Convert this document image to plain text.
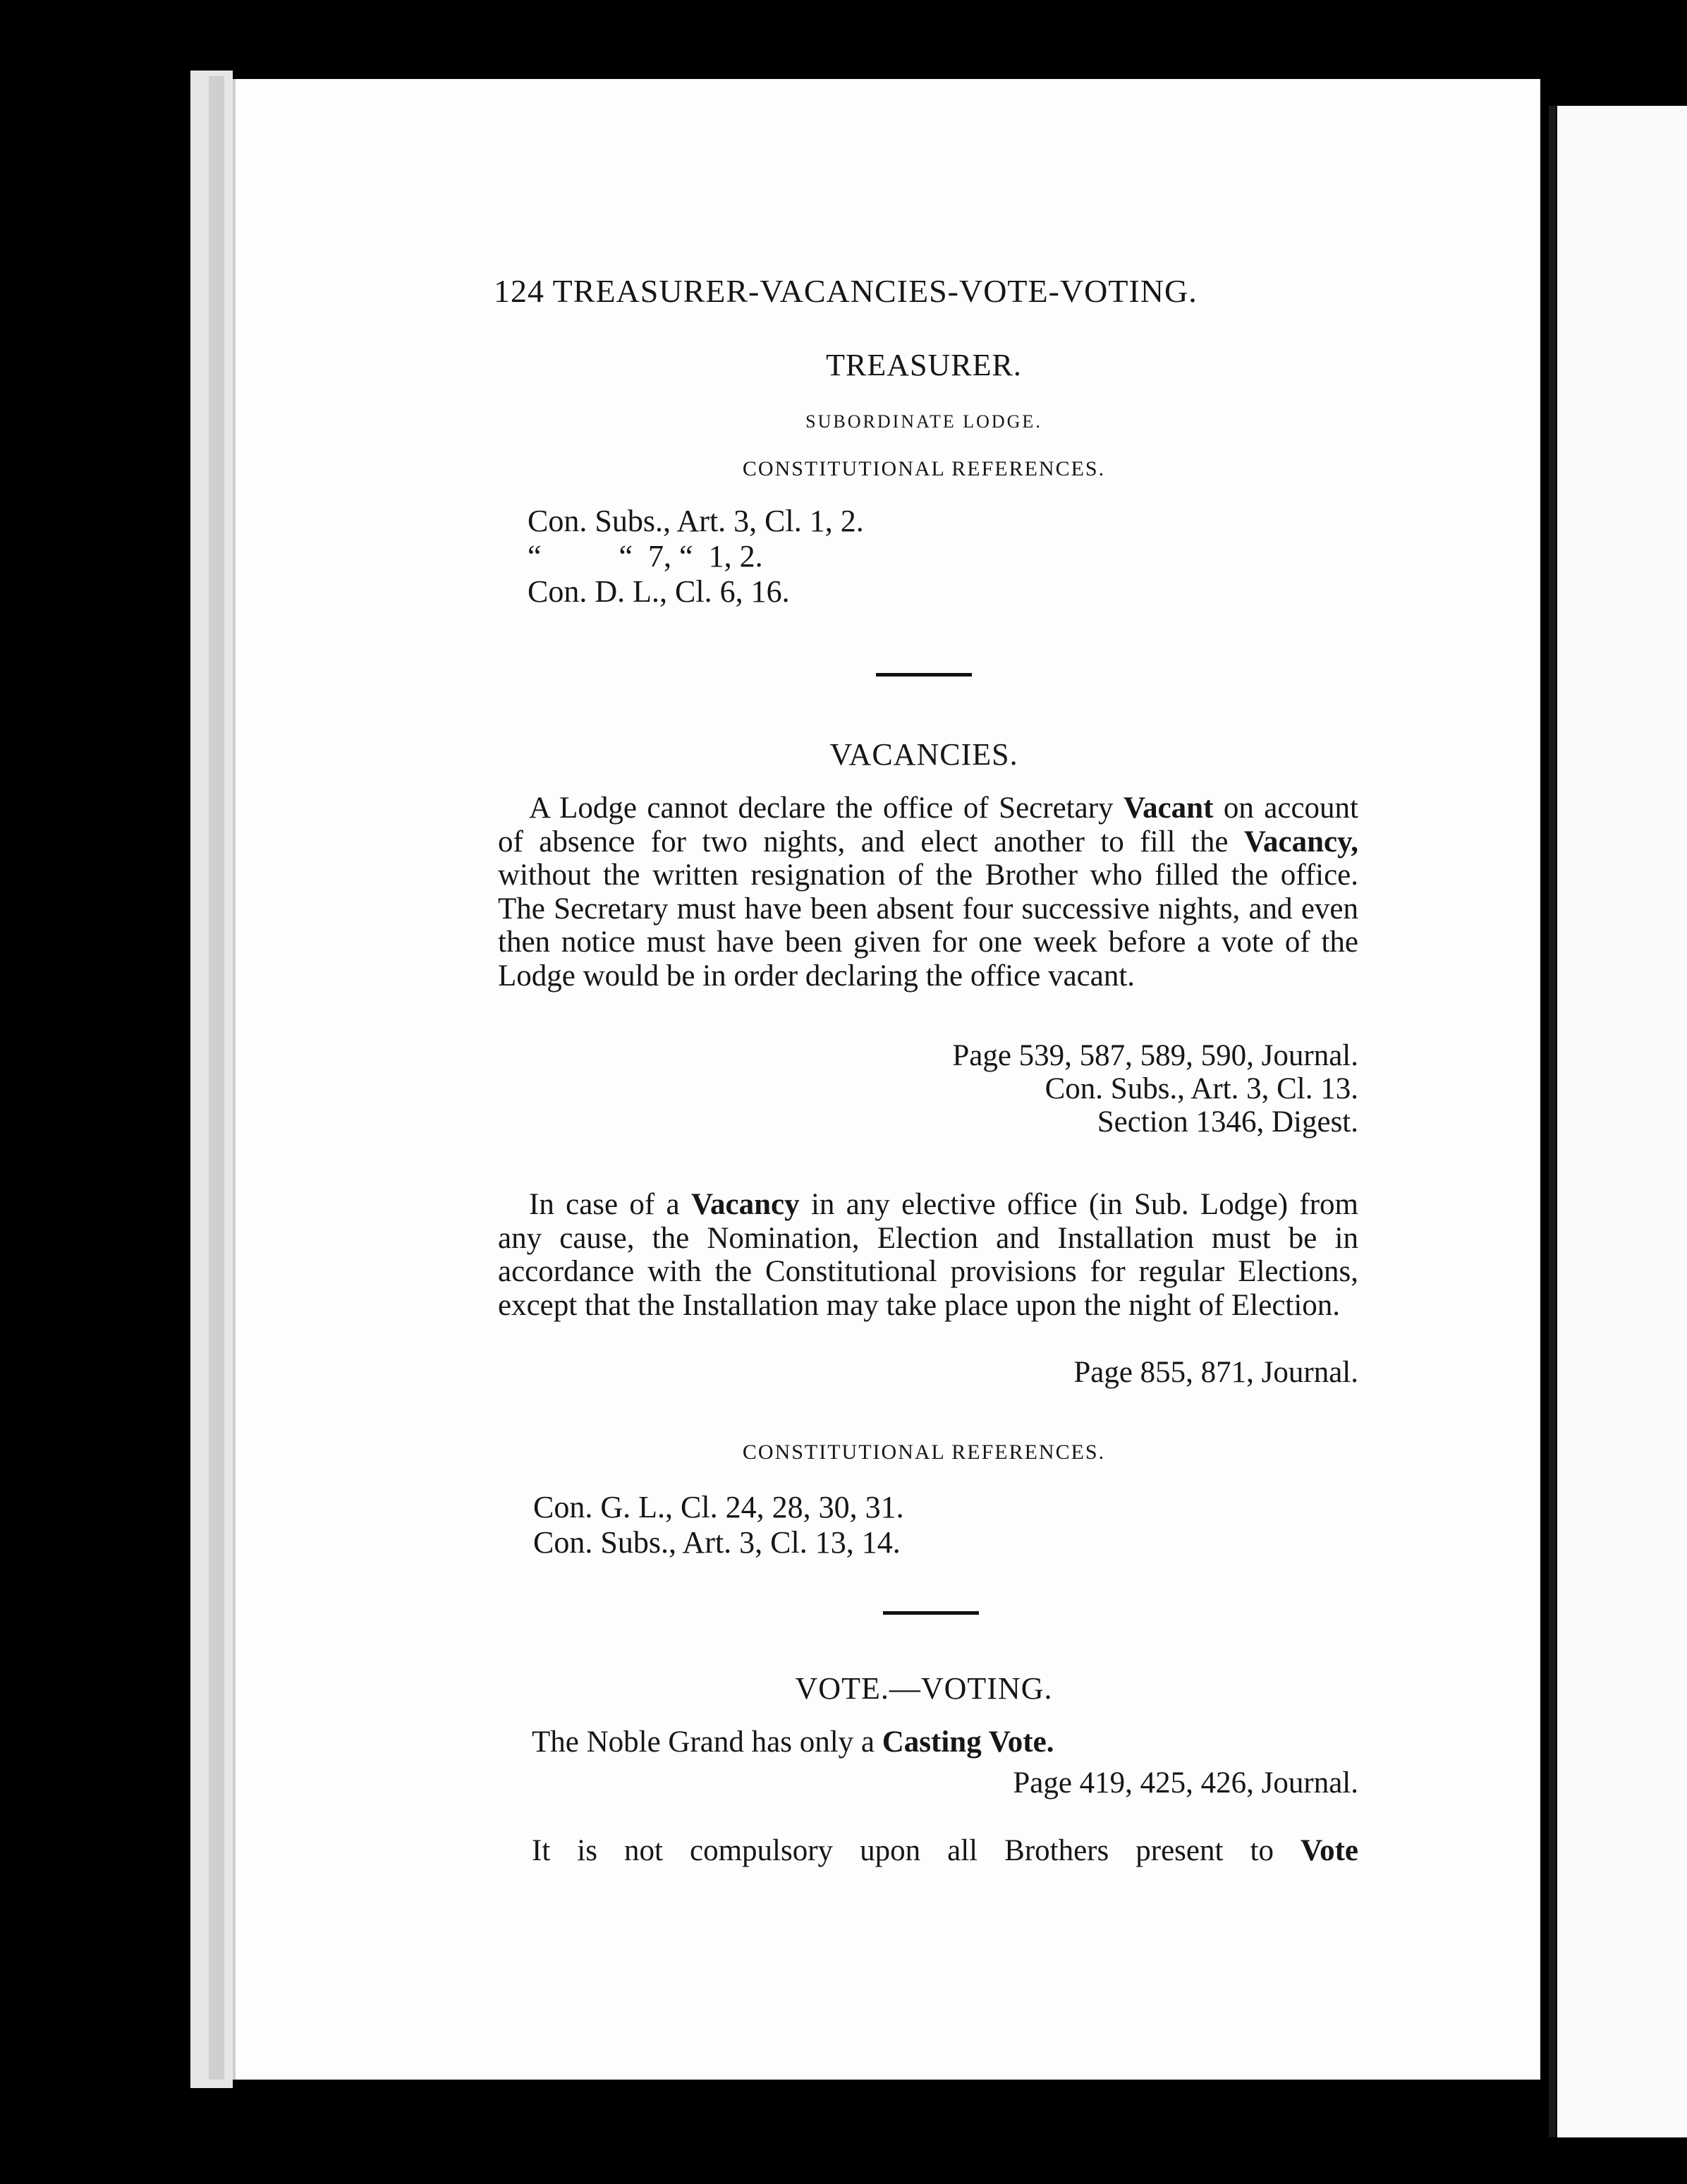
124 TREASURER-VACANCIES-VOTE-VOTING.

TREASURER.

SUBORDINATE LODGE.

CONSTITUTIONAL REFERENCES.

Con. Subs., Art. 3, Cl. 1, 2.
“          “  7, “  1, 2.
Con. D. L., Cl. 6, 16.

VACANCIES.

A Lodge cannot declare the office of Secretary Vacant on account of absence for two nights, and elect another to fill the Vacancy, without the written resignation of the Brother who filled the office. The Secretary must have been absent four successive nights, and even then notice must have been given for one week before a vote of the Lodge would be in order declaring the office vacant.

Page 539, 587, 589, 590, Journal.
Con. Subs., Art. 3, Cl. 13.
Section 1346, Digest.

In case of a Vacancy in any elective office (in Sub. Lodge) from any cause, the Nomination, Election and Installation must be in accordance with the Constitutional provisions for regular Elections, except that the Installation may take place upon the night of Election.

Page 855, 871, Journal.

CONSTITUTIONAL REFERENCES.

Con. G. L., Cl. 24, 28, 30, 31.
Con. Subs., Art. 3, Cl. 13, 14.

VOTE.—VOTING.

The Noble Grand has only a Casting Vote.

Page 419, 425, 426, Journal.

It is not compulsory upon all Brothers present to Vote
